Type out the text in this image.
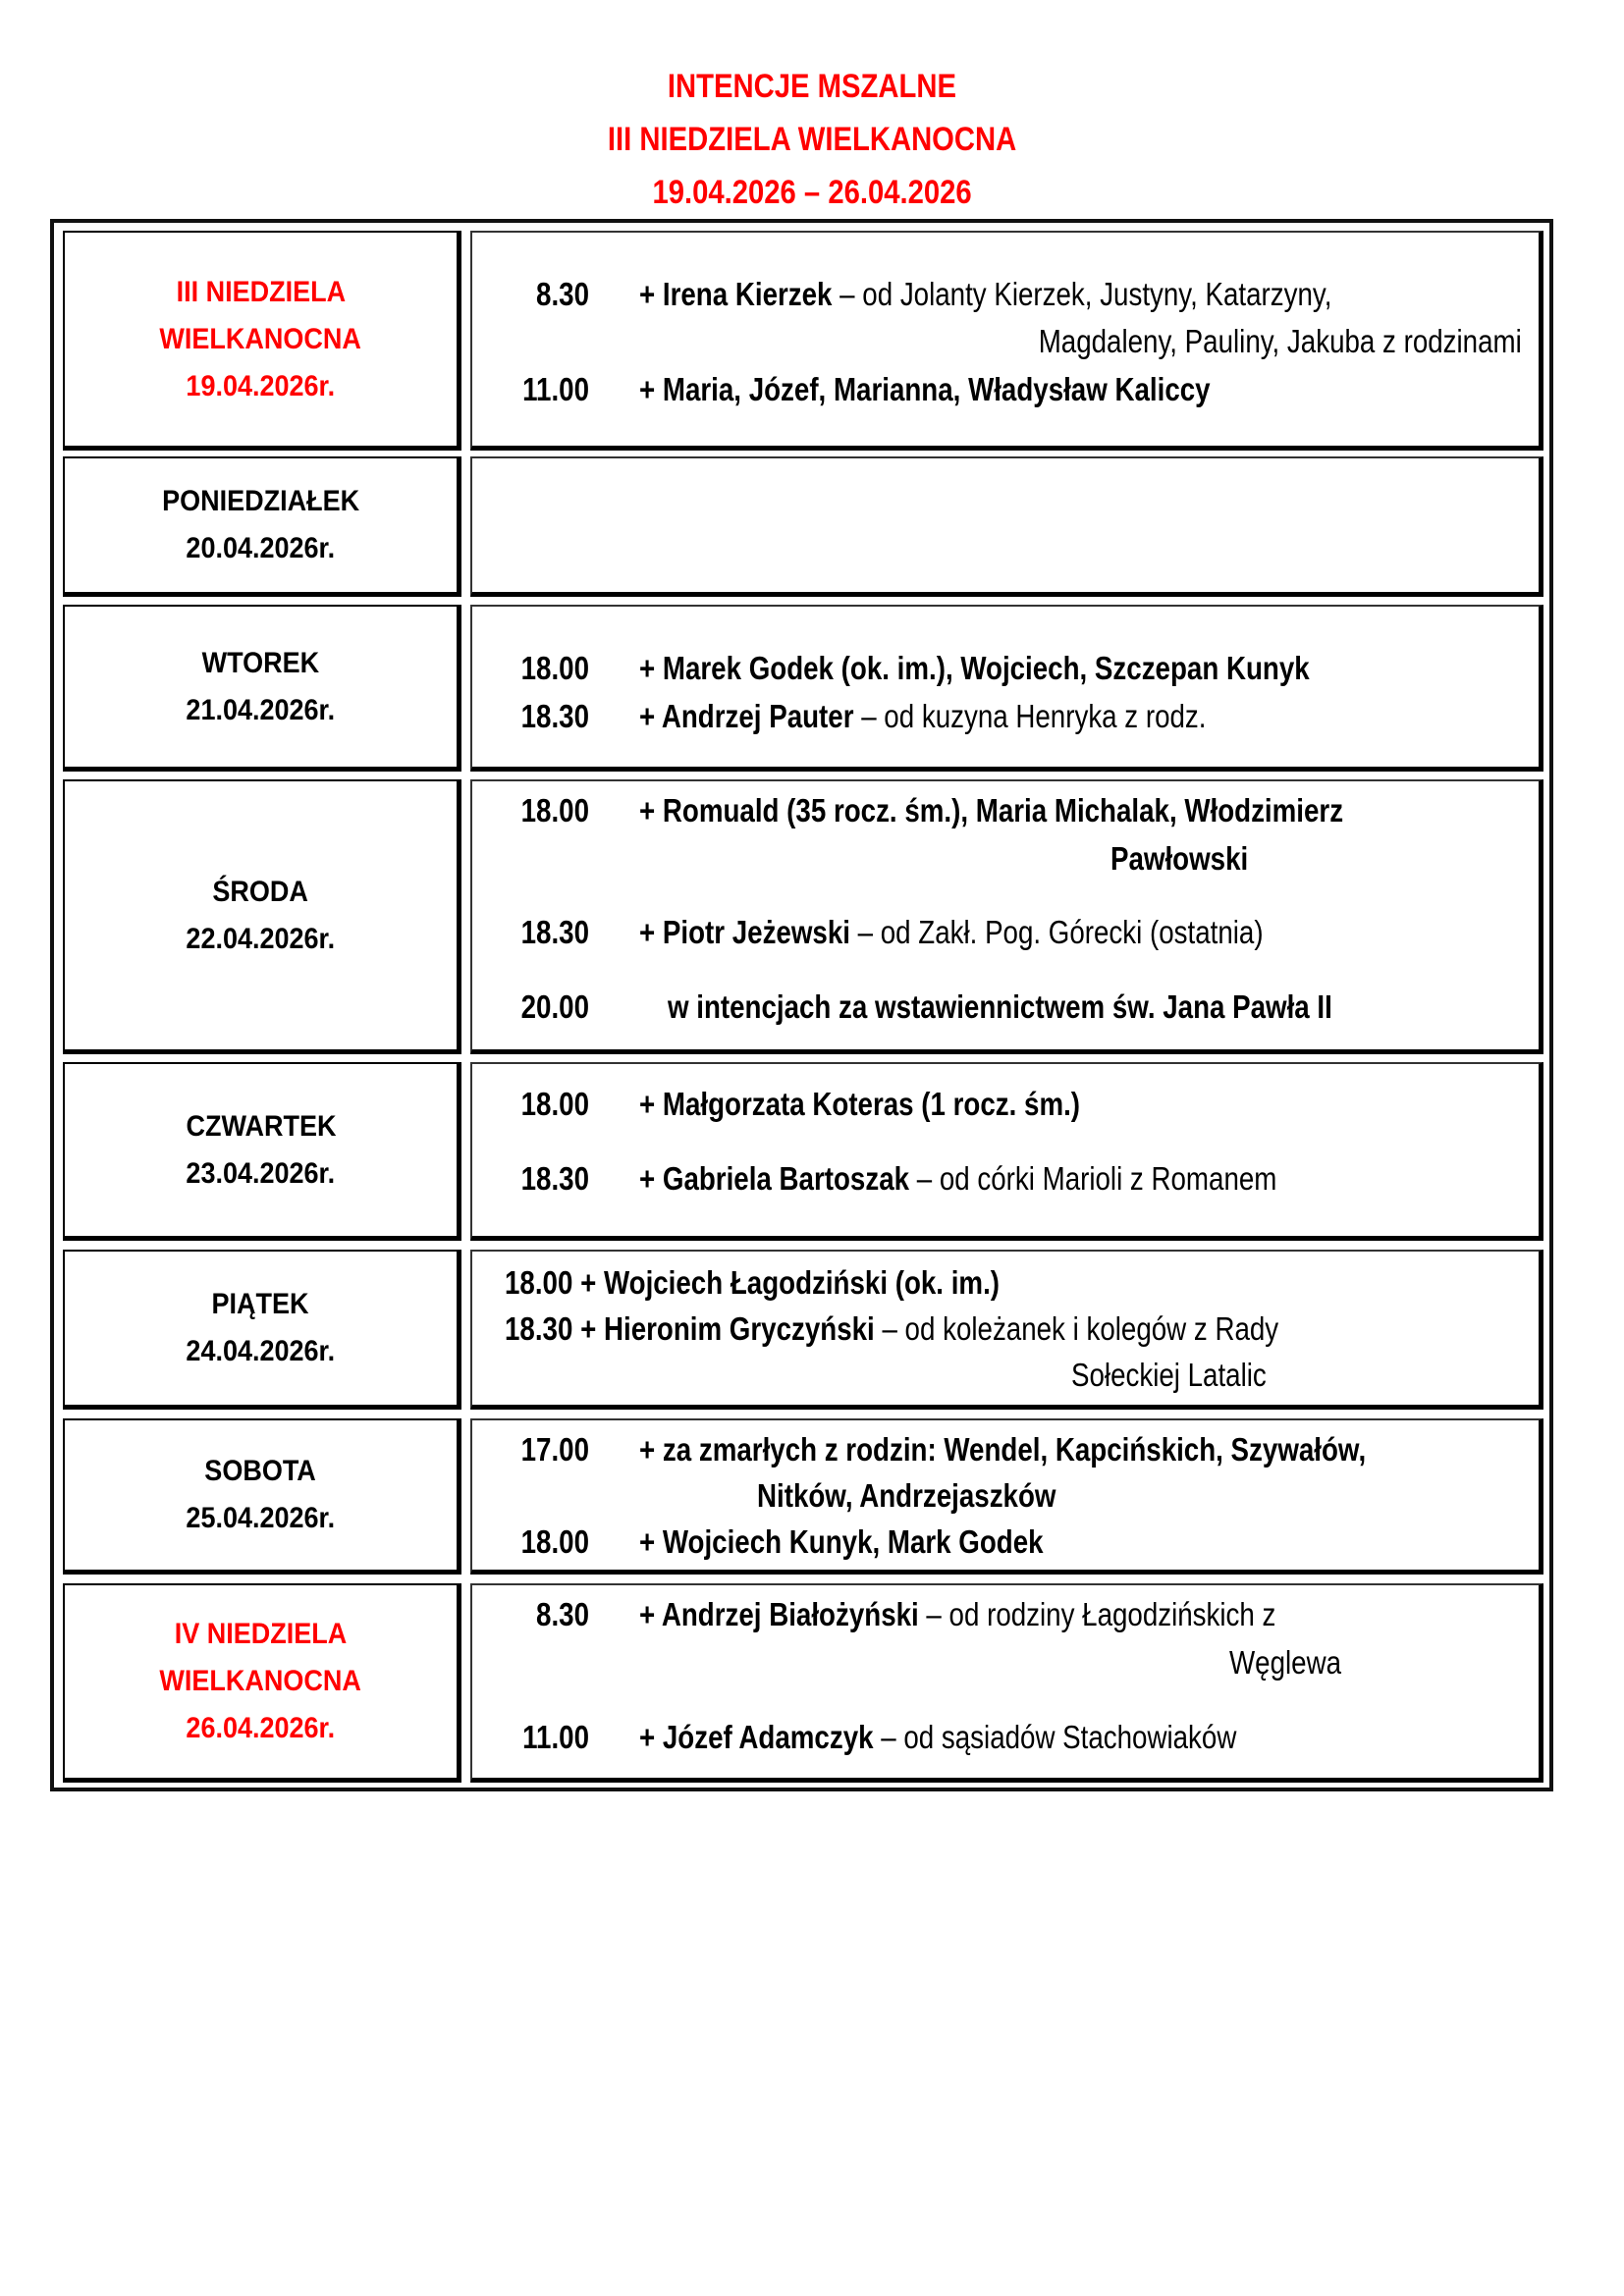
INTENCJE MSZALNE
III NIEDZIELA WIELKANOCNA
19.04.2026 – 26.04.2026
III NIEDZIELA
WIELKANOCNA
19.04.2026r.
8.30 + Irena Kierzek – od Jolanty Kierzek, Justyny, Katarzyny,
Magdaleny, Pauliny, Jakuba z rodzinami
11.00 + Maria, Józef, Marianna, Władysław Kaliccy
PONIEDZIAŁEK
20.04.2026r.
WTOREK
21.04.2026r.
18.00 + Marek Godek (ok. im.), Wojciech, Szczepan Kunyk
18.30 + Andrzej Pauter – od kuzyna Henryka z rodz.
ŚRODA
22.04.2026r.
18.00 + Romuald (35 rocz. śm.), Maria Michalak, Włodzimierz
Pawłowski
18.30 + Piotr Jeżewski – od Zakł. Pog. Górecki (ostatnia)
20.00 w intencjach za wstawiennictwem św. Jana Pawła II
CZWARTEK
23.04.2026r.
18.00 + Małgorzata Koteras (1 rocz. śm.)
18.30 + Gabriela Bartoszak – od córki Marioli z Romanem
PIĄTEK
24.04.2026r.
18.00 + Wojciech Łagodziński (ok. im.)
18.30 + Hieronim Gryczyński – od koleżanek i kolegów z Rady
Sołeckiej Latalic
SOBOTA
25.04.2026r.
17.00 + za zmarłych z rodzin: Wendel, Kapcińskich, Szywałów,
Nitków, Andrzejaszków
18.00 + Wojciech Kunyk, Mark Godek
IV NIEDZIELA
WIELKANOCNA
26.04.2026r.
8.30 + Andrzej Białożyński – od rodziny Łagodzińskich z
Węglewa
11.00 + Józef Adamczyk – od sąsiadów Stachowiaków
